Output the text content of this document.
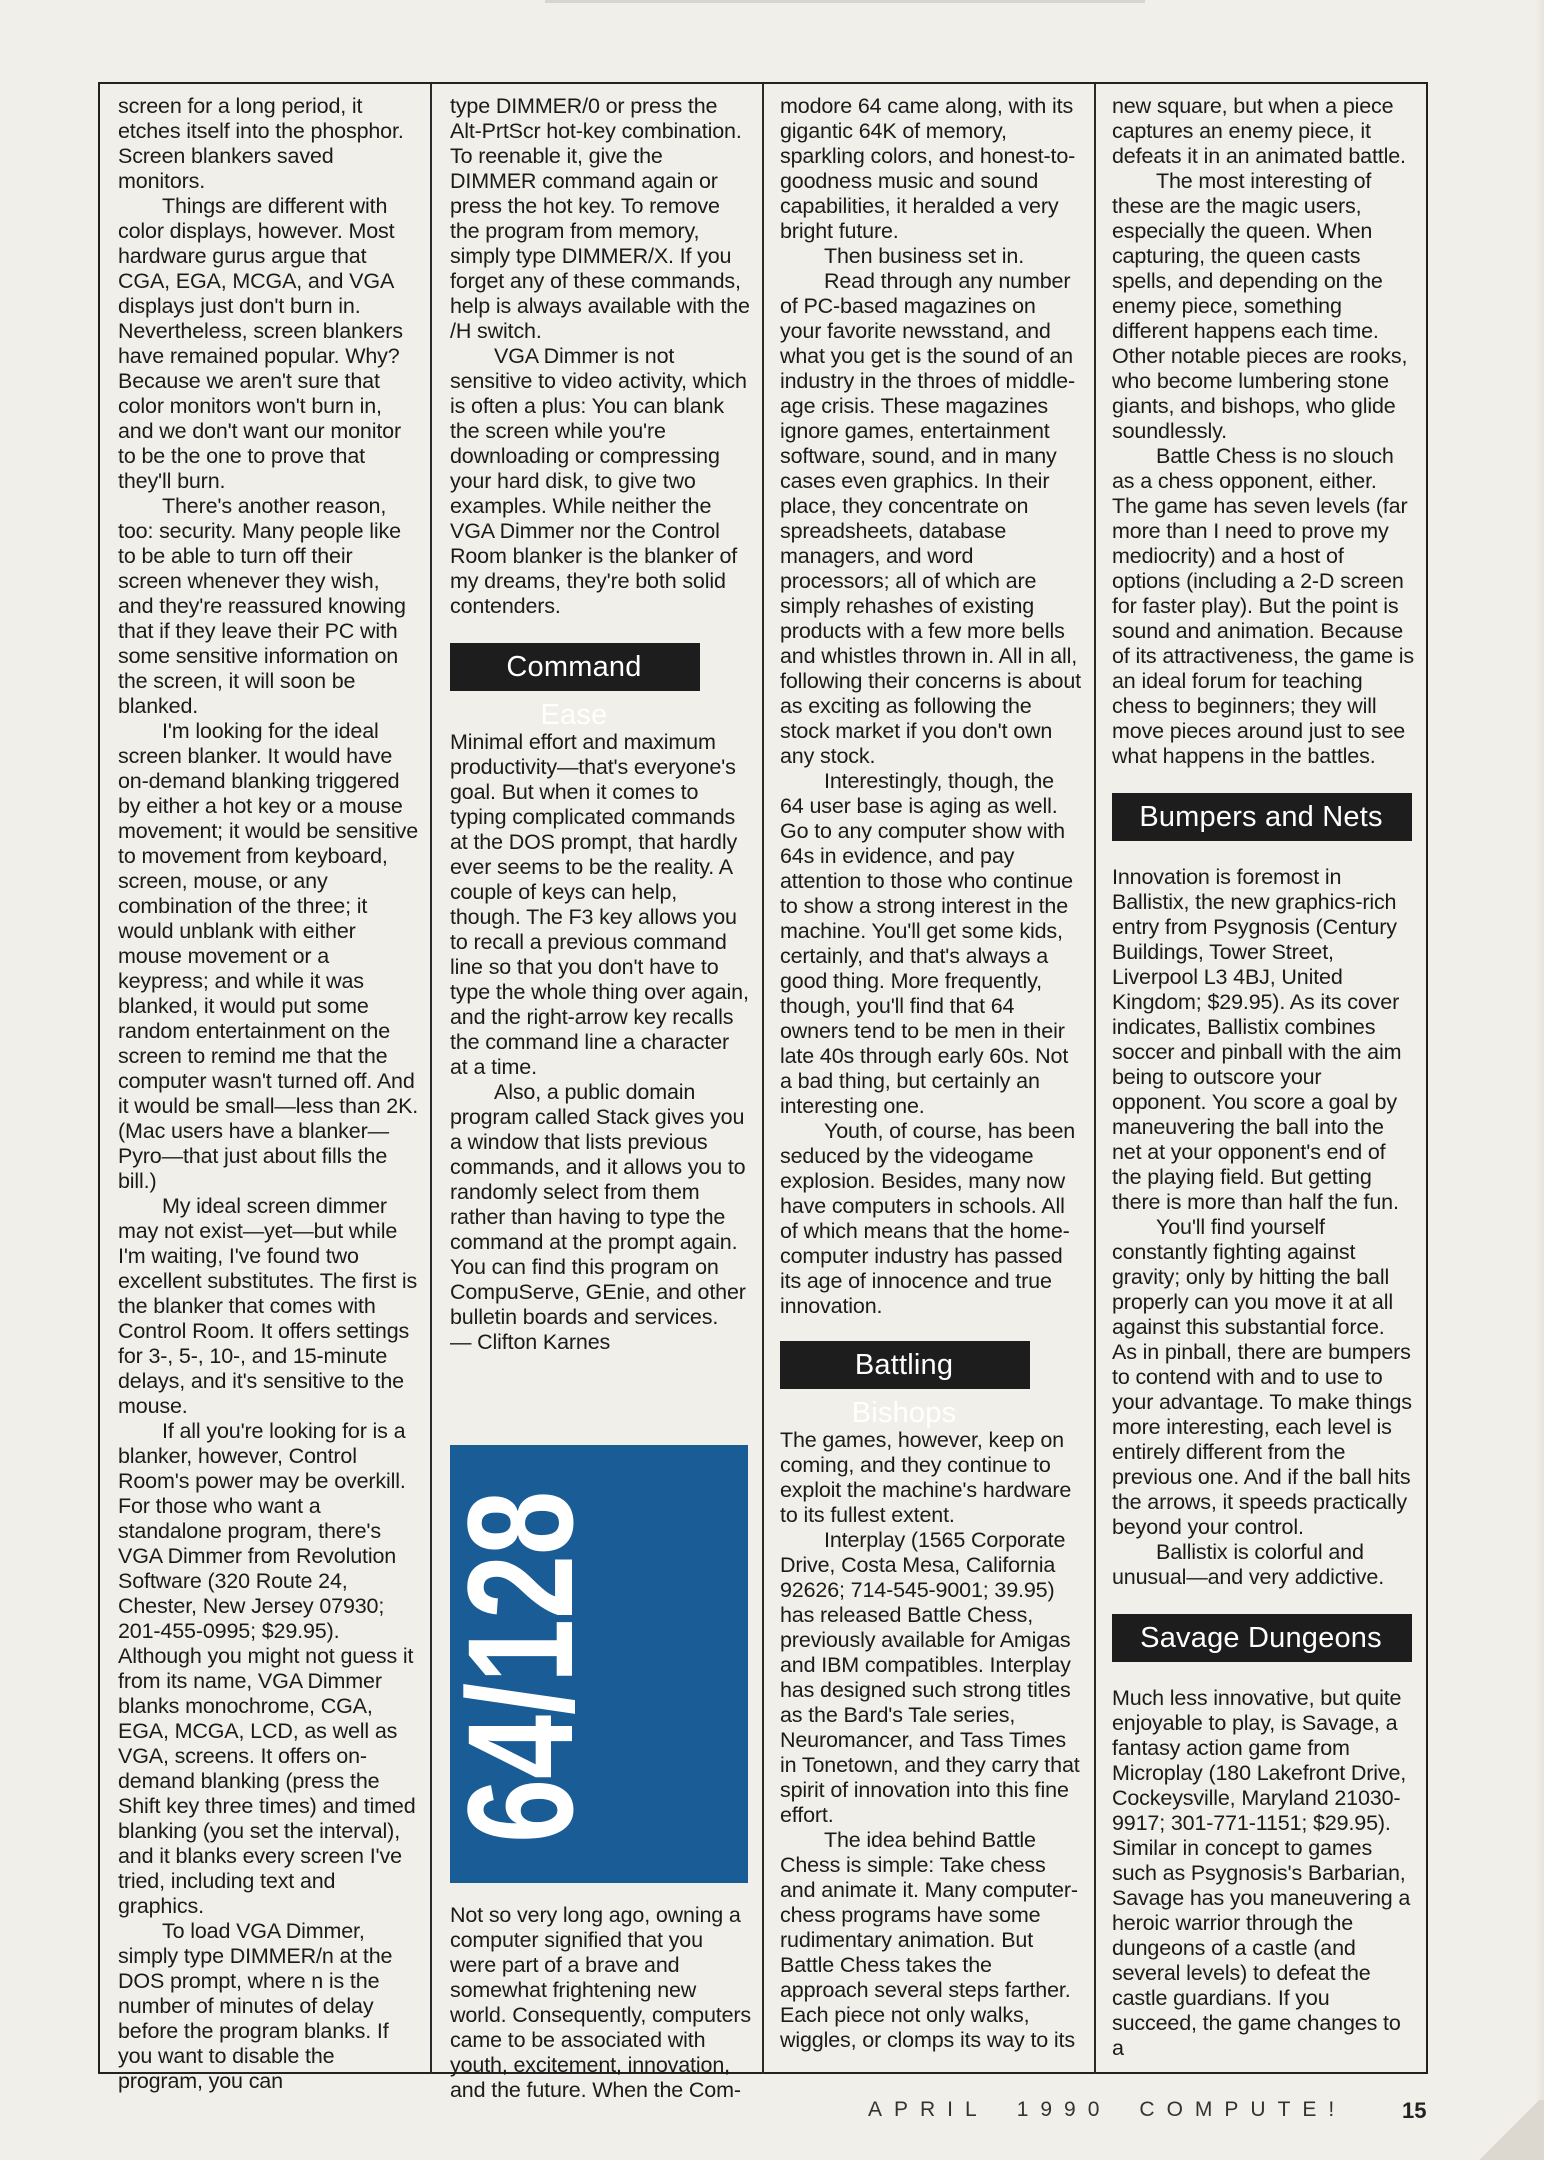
screen for a long period, it etches itself into the phosphor. Screen blankers saved monitors.

Things are different with color displays, however. Most hardware gurus argue that CGA, EGA, MCGA, and VGA displays just don't burn in. Nevertheless, screen blankers have remained popular. Why? Because we aren't sure that color monitors won't burn in, and we don't want our monitor to be the one to prove that they'll burn.

There's another reason, too: security. Many people like to be able to turn off their screen whenever they wish, and they're reassured knowing that if they leave their PC with some sensitive information on the screen, it will soon be blanked.

I'm looking for the ideal screen blanker. It would have on-demand blanking triggered by either a hot key or a mouse movement; it would be sensitive to movement from keyboard, screen, mouse, or any combination of the three; it would unblank with either mouse movement or a keypress; and while it was blanked, it would put some random entertainment on the screen to remind me that the computer wasn't turned off. And it would be small—less than 2K. (Mac users have a blanker—Pyro—that just about fills the bill.)

My ideal screen dimmer may not exist—yet—but while I'm waiting, I've found two excellent substitutes. The first is the blanker that comes with Control Room. It offers settings for 3-, 5-, 10-, and 15-minute delays, and it's sensitive to the mouse.

If all you're looking for is a blanker, however, Control Room's power may be overkill. For those who want a standalone program, there's VGA Dimmer from Revolution Software (320 Route 24, Chester, New Jersey 07930; 201-455-0995; $29.95). Although you might not guess it from its name, VGA Dimmer blanks monochrome, CGA, EGA, MCGA, LCD, as well as VGA, screens. It offers on-demand blanking (press the Shift key three times) and timed blanking (you set the interval), and it blanks every screen I've tried, including text and graphics.

To load VGA Dimmer, simply type DIMMER/n at the DOS prompt, where n is the number of minutes of delay before the program blanks. If you want to disable the program, you can

type DIMMER/0 or press the Alt-PrtScr hot-key combination. To reenable it, give the DIMMER command again or press the hot key. To remove the program from memory, simply type DIMMER/X. If you forget any of these commands, help is always available with the /H switch.

VGA Dimmer is not sensitive to video activity, which is often a plus: You can blank the screen while you're downloading or compressing your hard disk, to give two examples. While neither the VGA Dimmer nor the Control Room blanker is the blanker of my dreams, they're both solid contenders.

Command Ease

Minimal effort and maximum productivity—that's everyone's goal. But when it comes to typing complicated commands at the DOS prompt, that hardly ever seems to be the reality. A couple of keys can help, though. The F3 key allows you to recall a previous command line so that you don't have to type the whole thing over again, and the right-arrow key recalls the command line a character at a time.

Also, a public domain program called Stack gives you a window that lists previous commands, and it allows you to randomly select from them rather than having to type the command at the prompt again. You can find this program on CompuServe, GEnie, and other bulletin boards and services.

— Clifton Karnes

64/128

Not so very long ago, owning a computer signified that you were part of a brave and somewhat frightening new world. Consequently, computers came to be associated with youth, excitement, innovation, and the future. When the Com-

modore 64 came along, with its gigantic 64K of memory, sparkling colors, and honest-to-goodness music and sound capabilities, it heralded a very bright future.

Then business set in.

Read through any number of PC-based magazines on your favorite newsstand, and what you get is the sound of an industry in the throes of middle-age crisis. These magazines ignore games, entertainment software, sound, and in many cases even graphics. In their place, they concentrate on spreadsheets, database managers, and word processors; all of which are simply rehashes of existing products with a few more bells and whistles thrown in. All in all, following their concerns is about as exciting as following the stock market if you don't own any stock.

Interestingly, though, the 64 user base is aging as well. Go to any computer show with 64s in evidence, and pay attention to those who continue to show a strong interest in the machine. You'll get some kids, certainly, and that's always a good thing. More frequently, though, you'll find that 64 owners tend to be men in their late 40s through early 60s. Not a bad thing, but certainly an interesting one.

Youth, of course, has been seduced by the videogame explosion. Besides, many now have computers in schools. All of which means that the home-computer industry has passed its age of innocence and true innovation.

Battling Bishops

The games, however, keep on coming, and they continue to exploit the machine's hardware to its fullest extent.

Interplay (1565 Corporate Drive, Costa Mesa, California 92626; 714-545-9001; 39.95) has released Battle Chess, previously available for Amigas and IBM compatibles. Interplay has designed such strong titles as the Bard's Tale series, Neuromancer, and Tass Times in Tonetown, and they carry that spirit of innovation into this fine effort.

The idea behind Battle Chess is simple: Take chess and animate it. Many computer-chess programs have some rudimentary animation. But Battle Chess takes the approach several steps farther. Each piece not only walks, wiggles, or clomps its way to its

new square, but when a piece captures an enemy piece, it defeats it in an animated battle.

The most interesting of these are the magic users, especially the queen. When capturing, the queen casts spells, and depending on the enemy piece, something different happens each time. Other notable pieces are rooks, who become lumbering stone giants, and bishops, who glide soundlessly.

Battle Chess is no slouch as a chess opponent, either. The game has seven levels (far more than I need to prove my mediocrity) and a host of options (including a 2-D screen for faster play). But the point is sound and animation. Because of its attractiveness, the game is an ideal forum for teaching chess to beginners; they will move pieces around just to see what happens in the battles.

Bumpers and Nets

Innovation is foremost in Ballistix, the new graphics-rich entry from Psygnosis (Century Buildings, Tower Street, Liverpool L3 4BJ, United Kingdom; $29.95). As its cover indicates, Ballistix combines soccer and pinball with the aim being to outscore your opponent. You score a goal by maneuvering the ball into the net at your opponent's end of the playing field. But getting there is more than half the fun.

You'll find yourself constantly fighting against gravity; only by hitting the ball properly can you move it at all against this substantial force. As in pinball, there are bumpers to contend with and to use to your advantage. To make things more interesting, each level is entirely different from the previous one. And if the ball hits the arrows, it speeds practically beyond your control.

Ballistix is colorful and unusual—and very addictive.

Savage Dungeons

Much less innovative, but quite enjoyable to play, is Savage, a fantasy action game from Microplay (180 Lakefront Drive, Cockeysville, Maryland 21030-9917; 301-771-1151; $29.95). Similar in concept to games such as Psygnosis's Barbarian, Savage has you maneuvering a heroic warrior through the dungeons of a castle (and several levels) to defeat the castle guardians. If you succeed, the game changes to a

APRIL 1990 COMPUTE!	15
